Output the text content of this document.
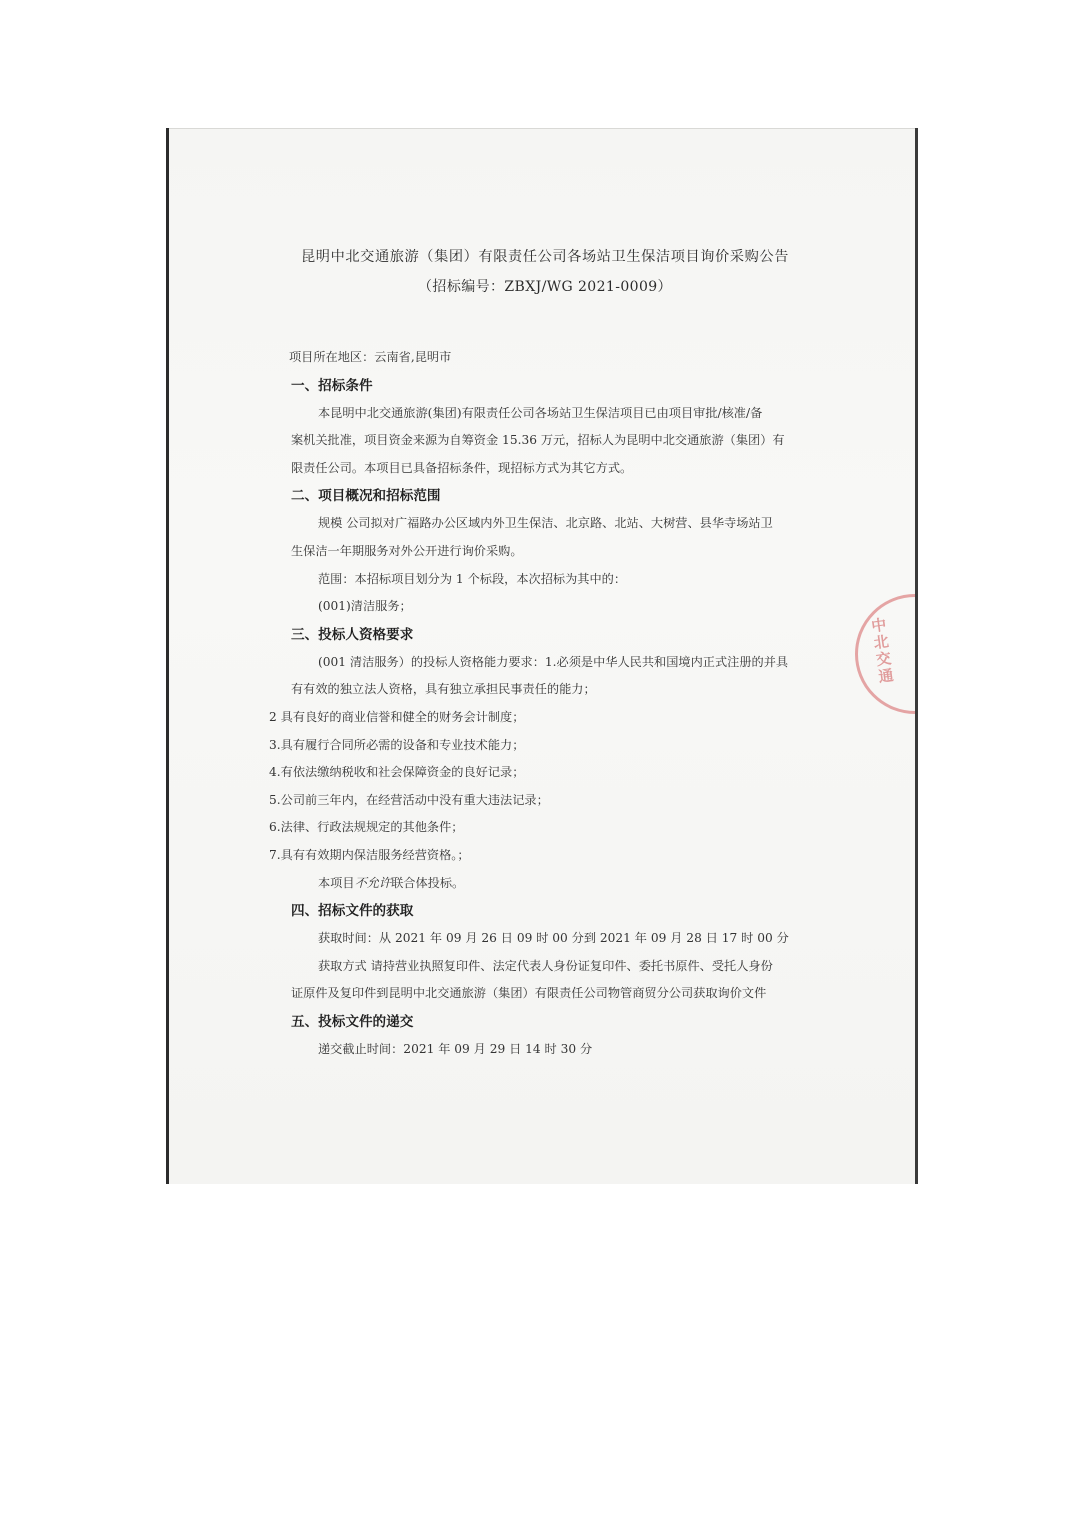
昆明中北交通旅游（集团）有限责任公司各场站卫生保洁项目询价采购公告
（招标编号：ZBXJ/WG 2021-0009）
项目所在地区：云南省,昆明市
一、招标条件
本昆明中北交通旅游(集团)有限责任公司各场站卫生保洁项目已由项目审批/核准/备
案机关批准，项目资金来源为自筹资金 15.36 万元，招标人为昆明中北交通旅游（集团）有
限责任公司。本项目已具备招标条件，现招标方式为其它方式。
二、项目概况和招标范围
规模 公司拟对广福路办公区域内外卫生保洁、北京路、北站、大树营、县华寺场站卫
生保洁一年期服务对外公开进行询价采购。
范围：本招标项目划分为 1 个标段，本次招标为其中的：
(001)清洁服务；
三、投标人资格要求
(001 清洁服务）的投标人资格能力要求：1.必须是中华人民共和国境内正式注册的并具
有有效的独立法人资格，具有独立承担民事责任的能力；
2 具有良好的商业信誉和健全的财务会计制度；
3.具有履行合同所必需的设备和专业技术能力；
4.有依法缴纳税收和社会保障资金的良好记录；
5.公司前三年内，在经营活动中没有重大违法记录；
6.法律、行政法规规定的其他条件；
7.具有有效期内保洁服务经营资格。；
本项目不允许联合体投标。
四、招标文件的获取
获取时间：从 2021 年 09 月 26 日 09 时 00 分到 2021 年 09 月 28 日 17 时 00 分
获取方式 请持营业执照复印件、法定代表人身份证复印件、委托书原件、受托人身份
证原件及复印件到昆明中北交通旅游（集团）有限责任公司物管商贸分公司获取询价文件
五、投标文件的递交
递交截止时间：2021 年 09 月 29 日 14 时 30 分
中北交通
